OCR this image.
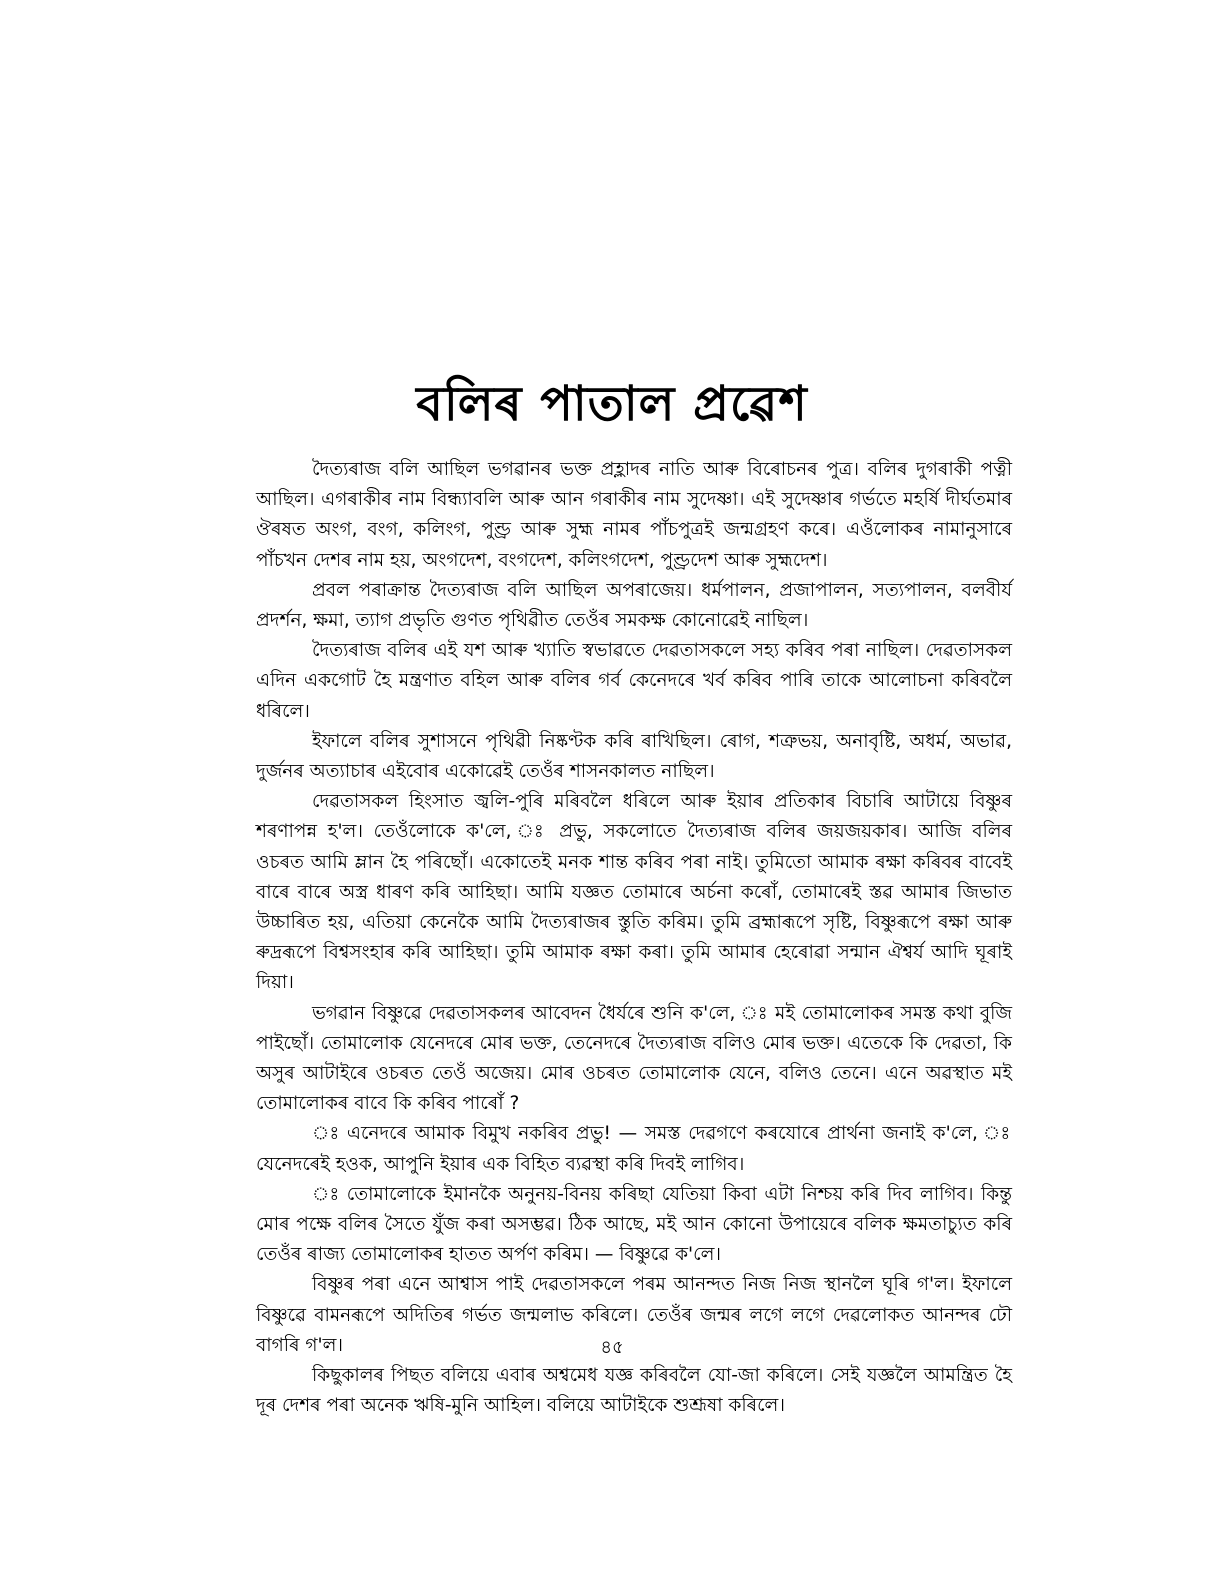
বলিৰ পাতাল প্ৰৱেশ

দৈত্যৰাজ বলি আছিল ভগৱানৰ ভক্ত প্ৰহ্লাদৰ নাতি আৰু বিৰোচনৰ পুত্ৰ। বলিৰ দুগৰাকী পত্নী আছিল। এগৰাকীৰ নাম বিন্ধ্যাবলি আৰু আন গৰাকীৰ নাম সুদেষ্ণা। এই সুদেষ্ণাৰ গৰ্ভতে মহৰ্ষি দীৰ্ঘতমাৰ ঔৰষত অংগ, বংগ, কলিংগ, পুণ্ড্ৰ আৰু সুহ্ম নামৰ পাঁচপুত্ৰই জন্মগ্ৰহণ কৰে। এওঁলোকৰ নামানুসাৰে পাঁচখন দেশৰ নাম হয়, অংগদেশ, বংগদেশ, কলিংগদেশ, পুণ্ড্ৰদেশ আৰু সুহ্মদেশ।

প্ৰবল পৰাক্ৰান্ত দৈত্যৰাজ বলি আছিল অপৰাজেয়। ধৰ্মপালন, প্ৰজাপালন, সত্যপালন, বলবীৰ্য প্ৰদৰ্শন, ক্ষমা, ত্যাগ প্ৰভৃতি গুণত পৃথিৱীত তেওঁৰ সমকক্ষ কোনোৱেই নাছিল।

দৈত্যৰাজ বলিৰ এই যশ আৰু খ্যাতি স্বভাৱতে দেৱতাসকলে সহ্য কৰিব পৰা নাছিল। দেৱতাসকল এদিন একগোট হৈ মন্ত্ৰণাত বহিল আৰু বলিৰ গৰ্ব কেনেদৰে খৰ্ব কৰিব পাৰি তাকে আলোচনা কৰিবলৈ ধৰিলে।

ইফালে বলিৰ সুশাসনে পৃথিৱী নিষ্কণ্টক কৰি ৰাখিছিল। ৰোগ, শত্ৰুভয়, অনাবৃষ্টি, অধৰ্ম, অভাৱ, দুৰ্জনৰ অত্যাচাৰ এইবোৰ একোৱেই তেওঁৰ শাসনকালত নাছিল।

দেৱতাসকল হিংসাত জ্বলি-পুৰি মৰিবলৈ ধৰিলে আৰু ইয়াৰ প্ৰতিকাৰ বিচাৰি আটায়ে বিষ্ণুৰ শৰণাপন্ন হ'ল। তেওঁলোকে ক'লে, ঃ প্ৰভু, সকলোতে দৈত্যৰাজ বলিৰ জয়জয়কাৰ। আজি বলিৰ ওচৰত আমি ম্লান হৈ পৰিছোঁ। একোতেই মনক শান্ত কৰিব পৰা নাই। তুমিতো আমাক ৰক্ষা কৰিবৰ বাবেই বাৰে বাৰে অস্ত্ৰ ধাৰণ কৰি আহিছা। আমি যজ্ঞত তোমাৰে অৰ্চনা কৰোঁ, তোমাৰেই স্তৱ আমাৰ জিভাত উচ্চাৰিত হয়, এতিয়া কেনেকৈ আমি দৈত্যৰাজৰ স্তুতি কৰিম। তুমি ব্ৰহ্মাৰূপে সৃষ্টি, বিষ্ণুৰূপে ৰক্ষা আৰু ৰুদ্ৰৰূপে বিশ্বসংহাৰ কৰি আহিছা। তুমি আমাক ৰক্ষা কৰা। তুমি আমাৰ হেৰোৱা সন্মান ঐশ্বৰ্য আদি ঘূৰাই দিয়া।

ভগৱান বিষ্ণুৱে দেৱতাসকলৰ আবেদন ধৈৰ্যৰে শুনি ক'লে, ঃ মই তোমালোকৰ সমস্ত কথা বুজি পাইছোঁ। তোমালোক যেনেদৰে মোৰ ভক্ত, তেনেদৰে দৈত্যৰাজ বলিও মোৰ ভক্ত। এতেকে কি দেৱতা, কি অসুৰ আটাইৰে ওচৰত তেওঁ অজেয়। মোৰ ওচৰত তোমালোক যেনে, বলিও তেনে। এনে অৱস্থাত মই তোমালোকৰ বাবে কি কৰিব পাৰোঁ ?

ঃ এনেদৰে আমাক বিমুখ নকৰিব প্ৰভু! — সমস্ত দেৱগণে কৰযোৰে প্ৰাৰ্থনা জনাই ক'লে, ঃ যেনেদৰেই হওক, আপুনি ইয়াৰ এক বিহিত ব্যৱস্থা কৰি দিবই লাগিব।

ঃ তোমালোকে ইমানকৈ অনুনয়-বিনয় কৰিছা যেতিয়া কিবা এটা নিশ্চয় কৰি দিব লাগিব। কিন্তু মোৰ পক্ষে বলিৰ সৈতে যুঁজ কৰা অসম্ভৱ। ঠিক আছে, মই আন কোনো উপায়েৰে বলিক ক্ষমতাচ্যুত কৰি তেওঁৰ ৰাজ্য তোমালোকৰ হাতত অৰ্পণ কৰিম। — বিষ্ণুৱে ক'লে।

বিষ্ণুৰ পৰা এনে আশ্বাস পাই দেৱতাসকলে পৰম আনন্দত নিজ নিজ স্থানলৈ ঘূৰি গ'ল। ইফালে বিষ্ণুৱে বামনৰূপে অদিতিৰ গৰ্ভত জন্মলাভ কৰিলে। তেওঁৰ জন্মৰ লগে লগে দেৱলোকত আনন্দৰ ঢৌ বাগৰি গ'ল।

কিছুকালৰ পিছত বলিয়ে এবাৰ অশ্বমেধ যজ্ঞ কৰিবলৈ যো-জা কৰিলে। সেই যজ্ঞলৈ আমন্ত্ৰিত হৈ দূৰ দেশৰ পৰা অনেক ঋষি-মুনি আহিল। বলিয়ে আটাইকে শুশ্ৰূষা কৰিলে।

৪৫
